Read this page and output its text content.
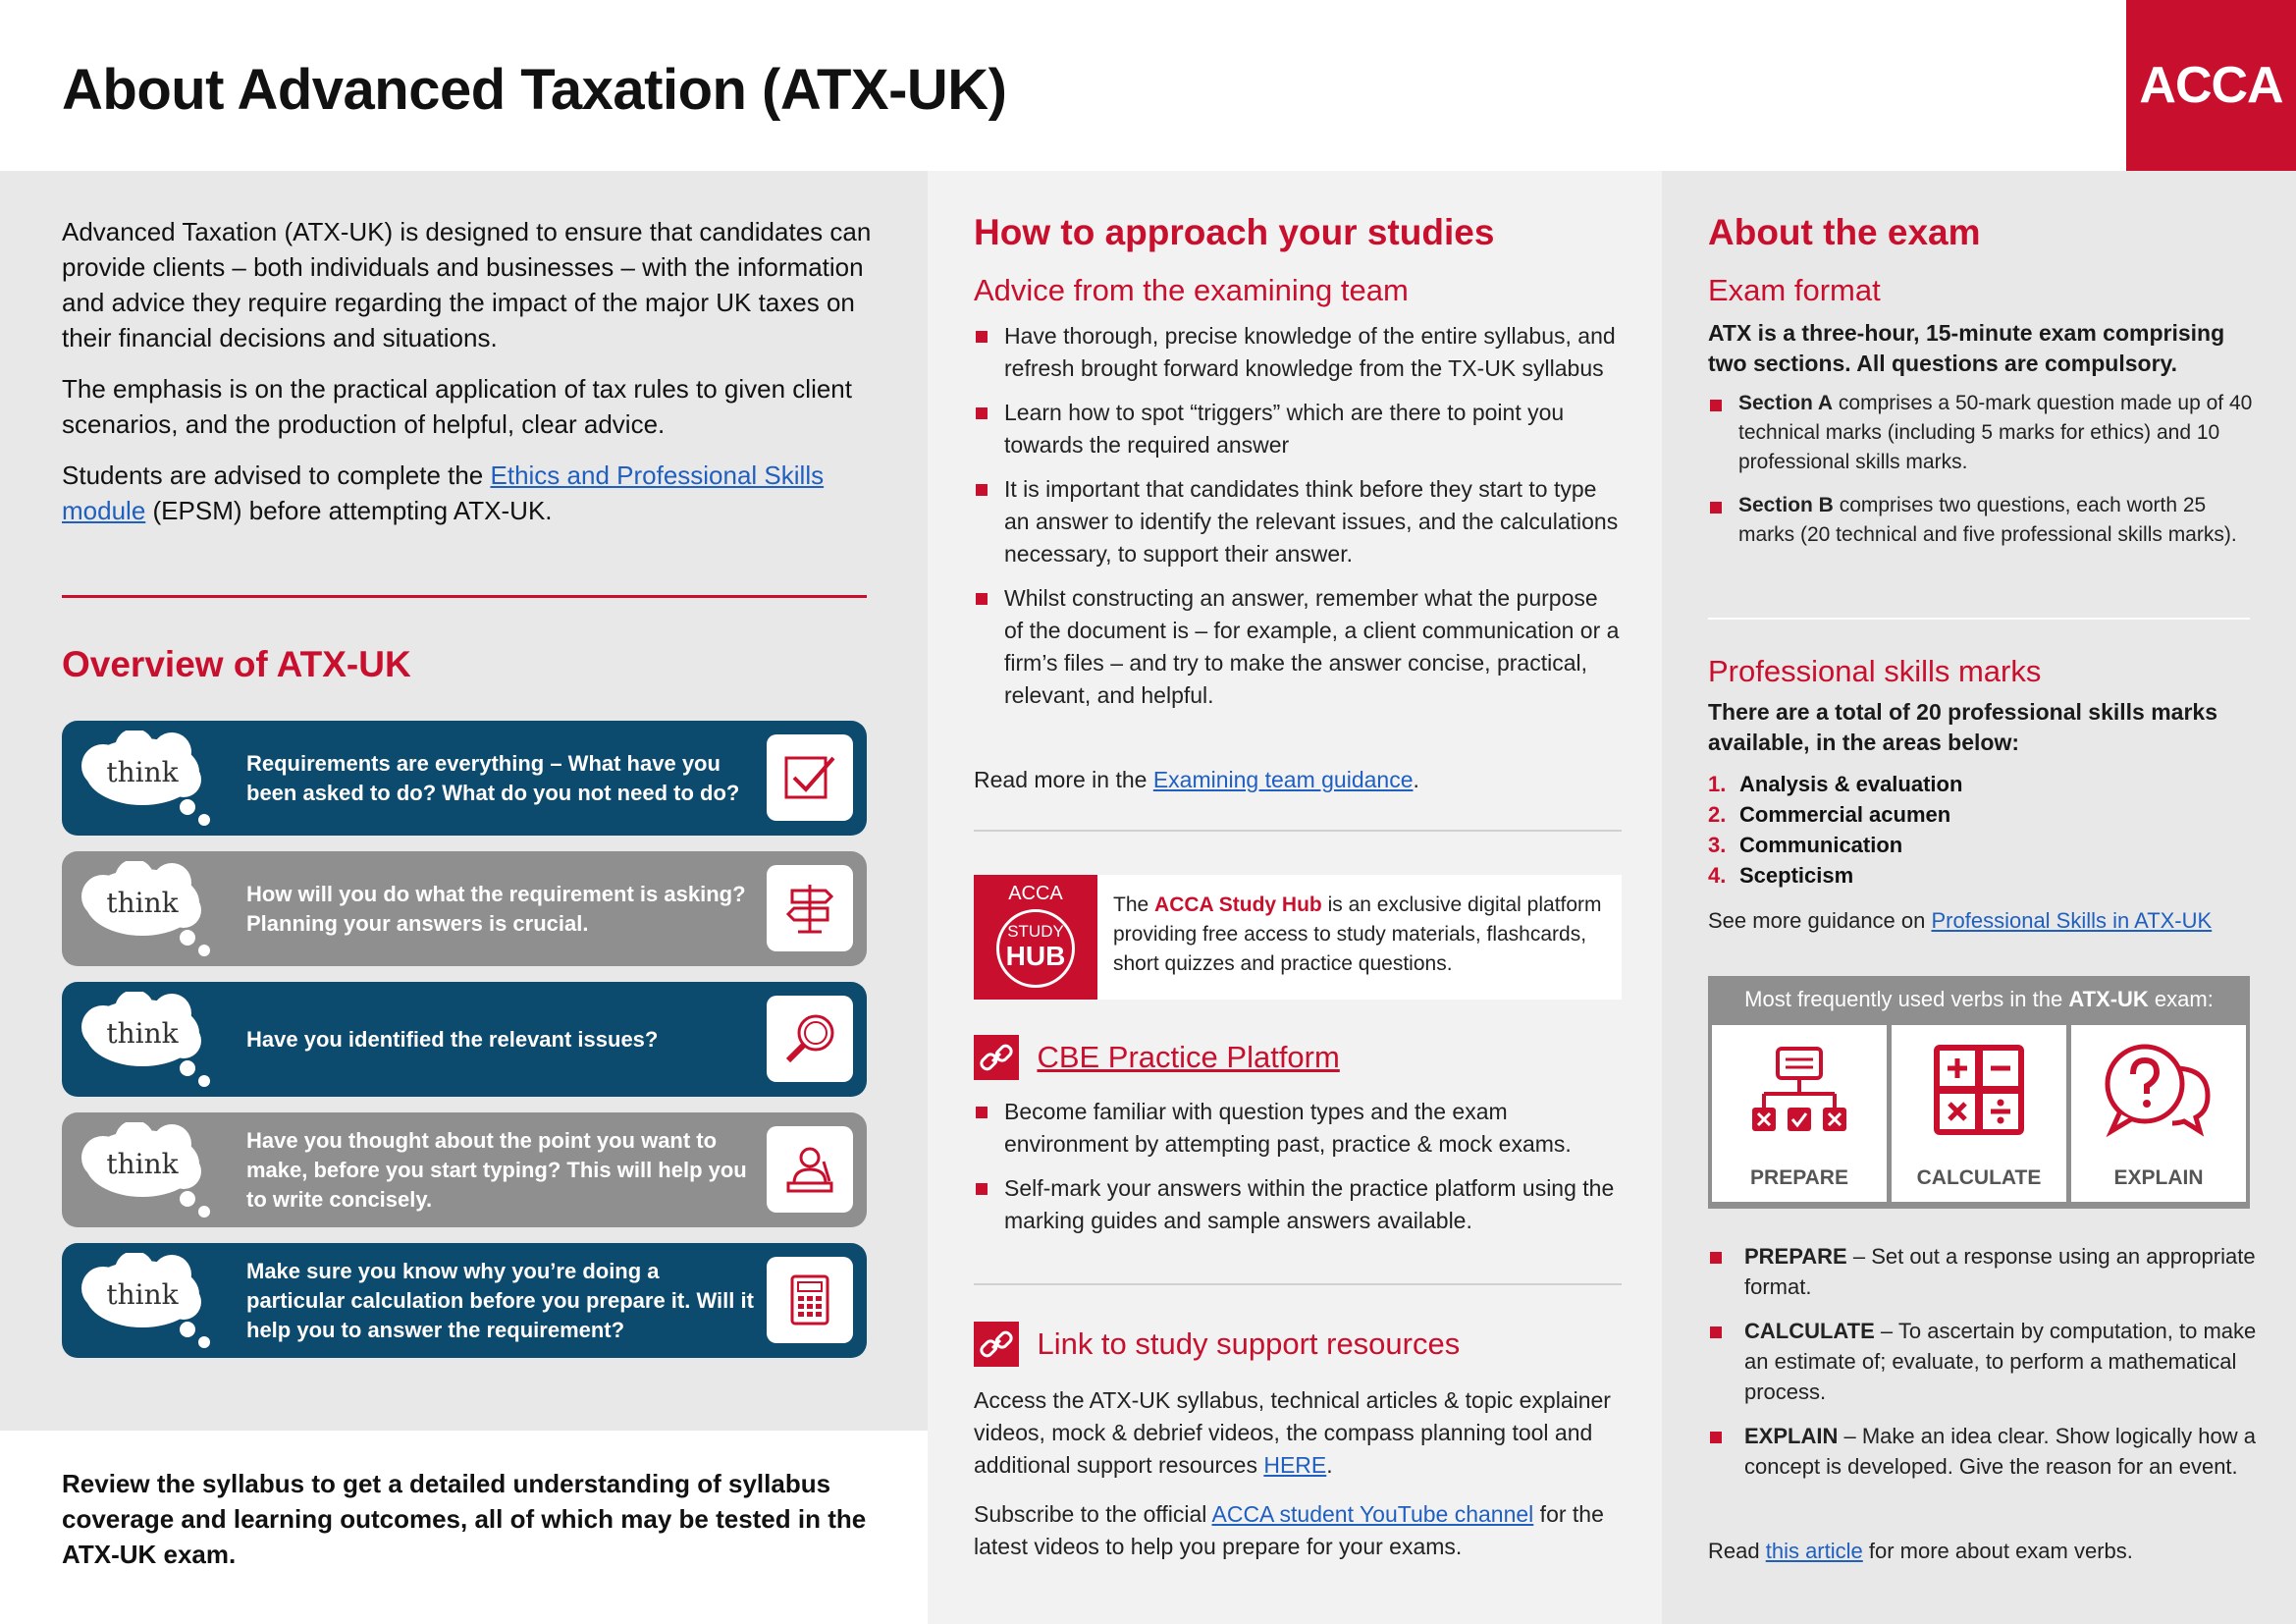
About Advanced Taxation (ATX-UK)	ACCA

Advanced Taxation (ATX-UK) is designed to ensure that candidates can provide clients – both individuals and businesses – with the information and advice they require regarding the impact of the major UK taxes on their financial decisions and situations.

The emphasis is on the practical application of tax rules to given client scenarios, and the production of helpful, clear advice.

Students are advised to complete the Ethics and Professional Skills module (EPSM) before attempting ATX-UK.

Overview of ATX-UK
think	Requirements are everything – What have you been asked to do? What do you not need to do?
think	How will you do what the requirement is asking? Planning your answers is crucial.
think	Have you identified the relevant issues?
think
Have you thought about the point you want to make, before you start typing? This will help you to write concisely.
think
Make sure you know why you’re doing a particular calculation before you prepare it. Will it help you to answer the requirement?

Review the syllabus to get a detailed understanding of syllabus coverage and learning outcomes, all of which may be tested in the ATX-UK exam.

How to approach your studies
Advice from the examining team
Have thorough, precise knowledge of the entire syllabus, and refresh brought forward knowledge from the TX-UK syllabus
Learn how to spot “triggers” which are there to point you towards the required answer
It is important that candidates think before they start to type an answer to identify the relevant issues, and the calculations necessary, to support their answer.
Whilst constructing an answer, remember what the purpose of the document is – for example, a client communication or a firm’s files – and try to make the answer concise, practical, relevant, and helpful.

Read more in the Examining team guidance.

ACCA
STUDY
HUB

The ACCA Study Hub is an exclusive digital platform providing free access to study materials, flashcards, short quizzes and practice questions.

CBE Practice Platform
Become familiar with question types and the exam environment by attempting past, practice & mock exams.
Self-mark your answers within the practice platform using the marking guides and sample answers available.
Link to study support resources

Access the ATX-UK syllabus, technical articles & topic explainer videos, mock & debrief videos, the compass planning tool and additional support resources HERE.

Subscribe to the official ACCA student YouTube channel for the latest videos to help you prepare for your exams.

About the exam
Exam format

ATX is a three-hour, 15-minute exam comprising two sections. All questions are compulsory.

Section A comprises a 50-mark question made up of 40 technical marks (including 5 marks for ethics) and 10 professional skills marks.
Section B comprises two questions, each worth 25 marks (20 technical and five professional skills marks).
Professional skills marks

There are a total of 20 professional skills marks available, in the areas below:

1. Analysis & evaluation
2. Commercial acumen
3. Communication
4. Scepticism

See more guidance on Professional Skills in ATX-UK

Most frequently used verbs in the ATX-UK exam:
PREPARE	CALCULATE	EXPLAIN
PREPARE – Set out a response using an appropriate format.
CALCULATE – To ascertain by computation, to make an estimate of; evaluate, to perform a mathematical process.
EXPLAIN – Make an idea clear. Show logically how a concept is developed. Give the reason for an event.

Read this article for more about exam verbs.
